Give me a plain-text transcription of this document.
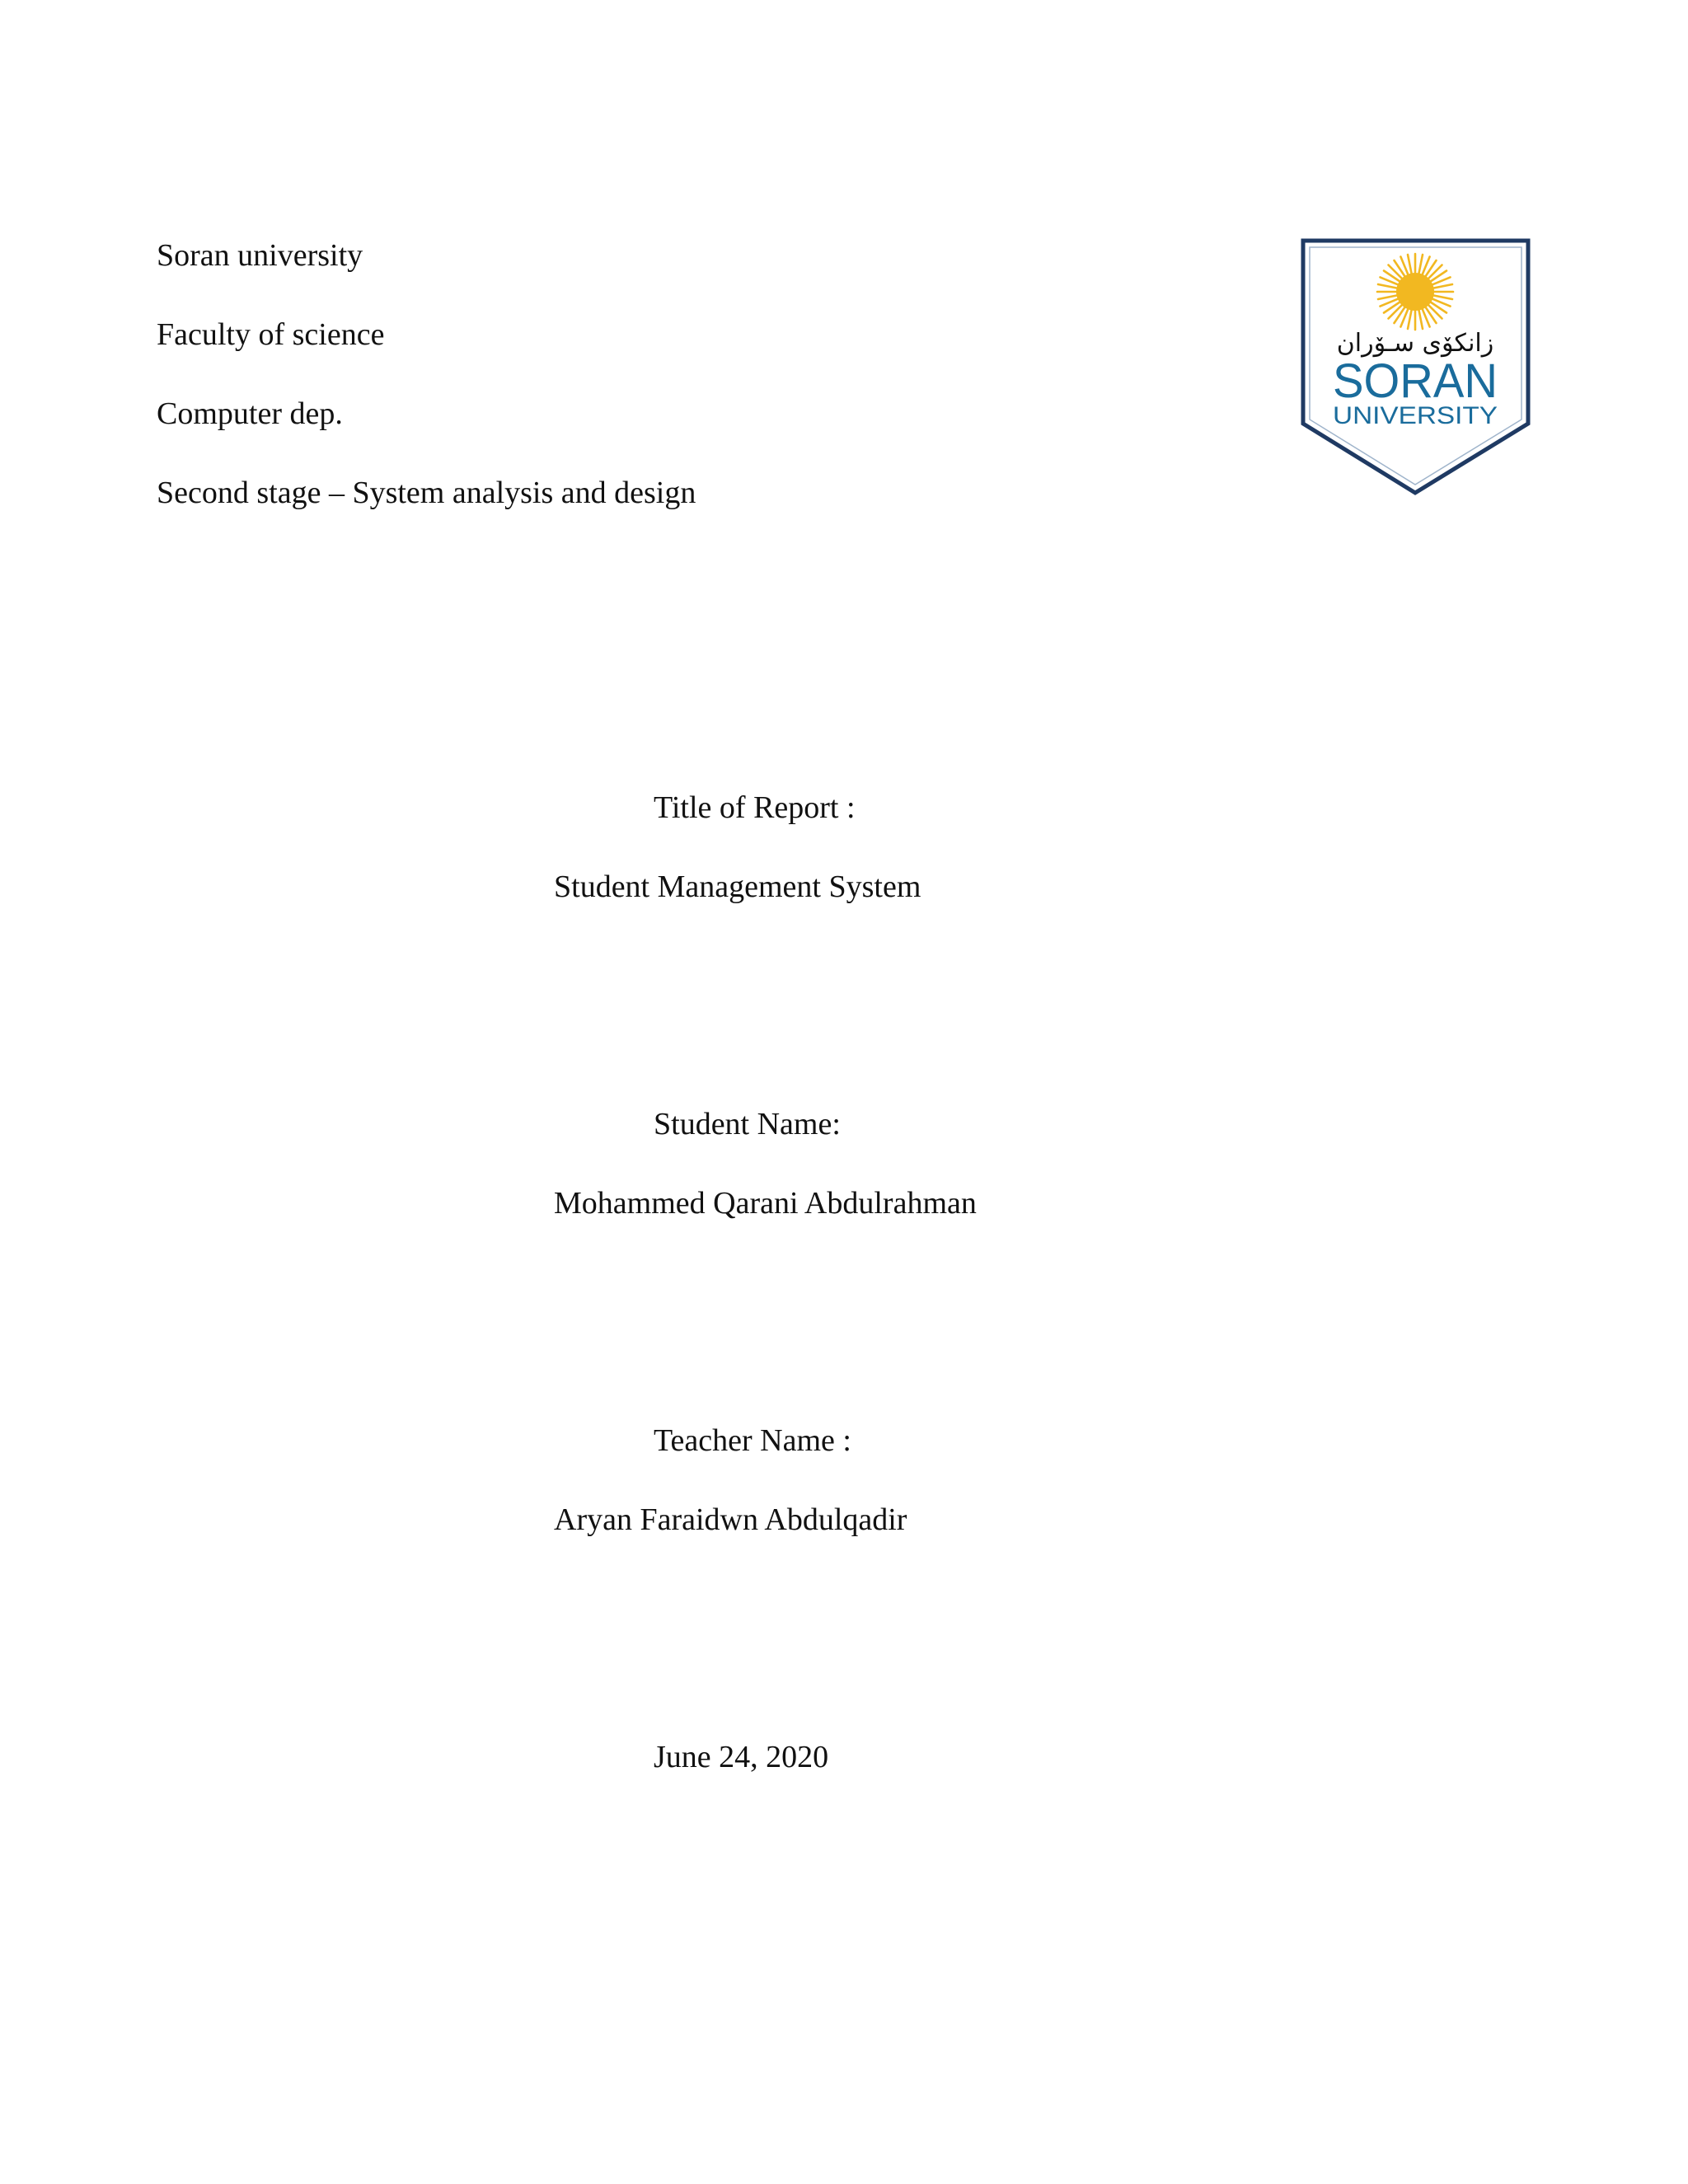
Soran university

Faculty of science

Computer dep.

Second stage – System analysis and design

زانكۆی سـۆران
SORAN
UNIVERSITY

Title of Report :

Student Management System

Student Name:

Mohammed Qarani Abdulrahman

Teacher Name :

Aryan Faraidwn Abdulqadir

June 24, 2020
